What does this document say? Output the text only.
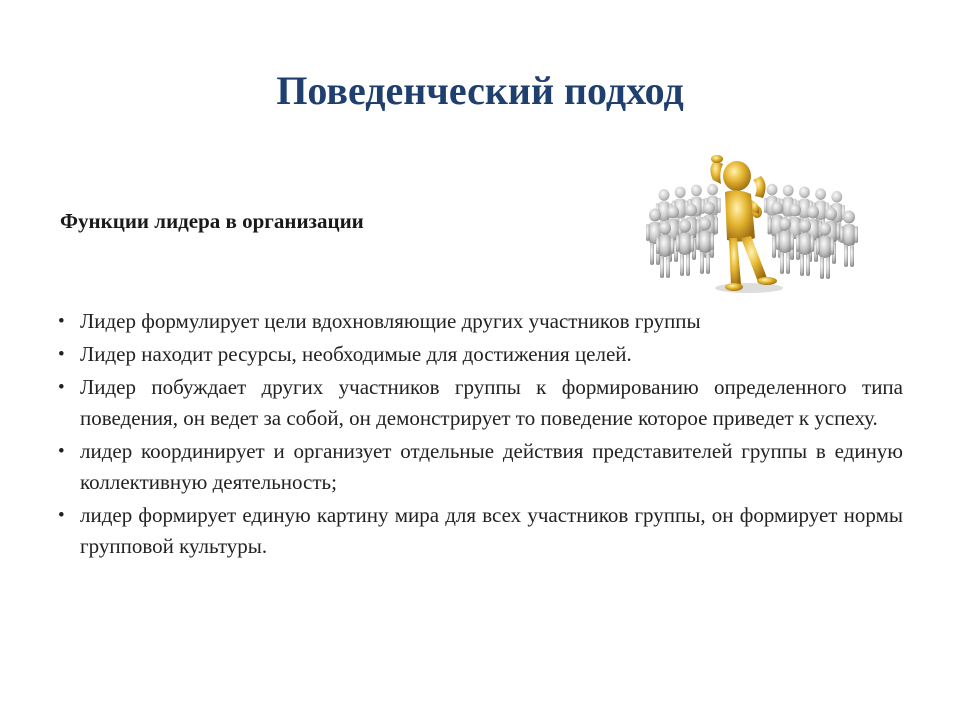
Поведенческий подход

Функции лидера в организации

• Лидер формулирует цели вдохновляющие других участников группы
• Лидер находит ресурсы, необходимые для достижения целей.
• Лидер побуждает других участников группы к формированию определенного типа поведения, он ведет за собой, он демонстрирует то поведение которое приведет к успеху.
• лидер координирует и организует отдельные действия представителей группы в единую коллективную деятельность;
• лидер формирует единую картину мира для всех участников группы, он формирует нормы групповой культуры.
